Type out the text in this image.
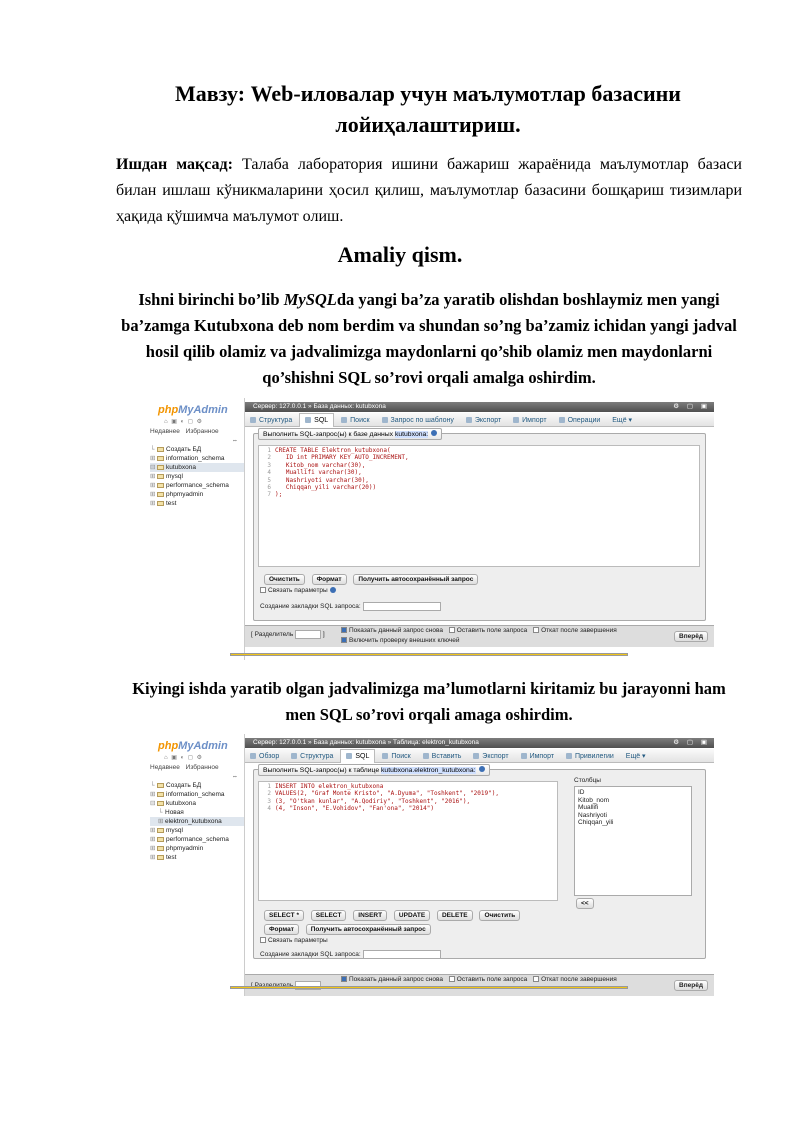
Мавзу: Web-иловалар учун маълумотлар базасини лойиҳалаштириш.
Ишдан мақсад: Талаба лаборатория ишини бажариш жараёнида маълумотлар базаси билан ишлаш кўникмаларини ҳосил қилиш, маълумотлар базасини бошқариш тизимлари ҳақида қўшимча маълумот олиш.
Amaliy qism.
Ishni birinchi bo’lib MySQLda yangi ba’za yaratib olishdan boshlaymiz men yangi ba’zamga Kutubxona deb nom berdim va shundan so’ng ba’zamiz ichidan yangi jadval hosil qilib olamiz va jadvalimizga maydonlarni qo’shib olamiz men maydonlarni qo’shishni SQL so’rovi orqali amalga oshirdim.
phpMyAdmin
⌂ ▣ ◐ ◻ ⚙
Недавнее Избранное
⇔
└ Создать БД
⊞ information_schema
⊟ kutubxona
⊞ mysql
⊞ performance_schema
⊞ phpmyadmin
⊞ test
Сервер: 127.0.0.1 » База данных: kutubxona	⚙ ▢ ▣
Структура	SQL	Поиск	Запрос по шаблону	Экспорт	Импорт	Операции Ещё ▾
Выполнить SQL-запрос(ы) к базе данных kutubxona:
1 CREATE TABLE Elektron_kutubxona(
2   ID int PRIMARY KEY AUTO_INCREMENT,
3   Kitob_nom varchar(30),
4   Muallifi varchar(30),
5   Nashriyoti varchar(30),
6   Chiqqan_yili varchar(20))
7 );
Очистить	Формат	Получить автосохранённый запрос
Связать параметры
Создание закладки SQL запроса:
[ Разделитель	]
Показать данный запрос снова Оставить поле запроса Откат после завершения
Включить проверку внешних ключей
Вперёд
Kiyingi ishda yaratib olgan jadvalimizga ma’lumotlarni kiritamiz bu jarayonni ham men SQL so’rovi orqali amaga oshirdim.
phpMyAdmin
⌂ ▣ ◐ ◻ ⚙
Недавнее Избранное
⇔
└ Создать БД
⊞ information_schema
⊟ kutubxona
└ Новая
⊞ elektron_kutubxona
⊞ mysql
⊞ performance_schema
⊞ phpmyadmin
⊞ test
Сервер: 127.0.0.1 » База данных: kutubxona » Таблица: elektron_kutubxona	⚙ ▢ ▣
Обзор	Структура	SQL	Поиск	Вставить	Экспорт	Импорт	Привилегии Ещё ▾
Выполнить SQL-запрос(ы) к таблице kutubxona.elektron_kutubxona:
1 INSERT INTO elektron_kutubxona
2 VALUES(2, "Graf Monte Kristo", "A.Dyuma", "Toshkent", "2019"),
3 (3, "O'tkan kunlar", "A.Qodiriy", "Toshkent", "2016"),
4 (4, "Inson", "E.Vohidov", "Fan'ona", "2014")
Столбцы
ID
Kitob_nom
Muallifi
Nashriyoti
Chiqqan_yili
<<
SELECT *	SELECT	INSERT	UPDATE	DELETE	Очистить
Формат	Получить автосохранённый запрос
Связать параметры
Создание закладки SQL запроса:
Показать данный запрос снова Оставить поле запроса Откат после завершения
Вперёд
